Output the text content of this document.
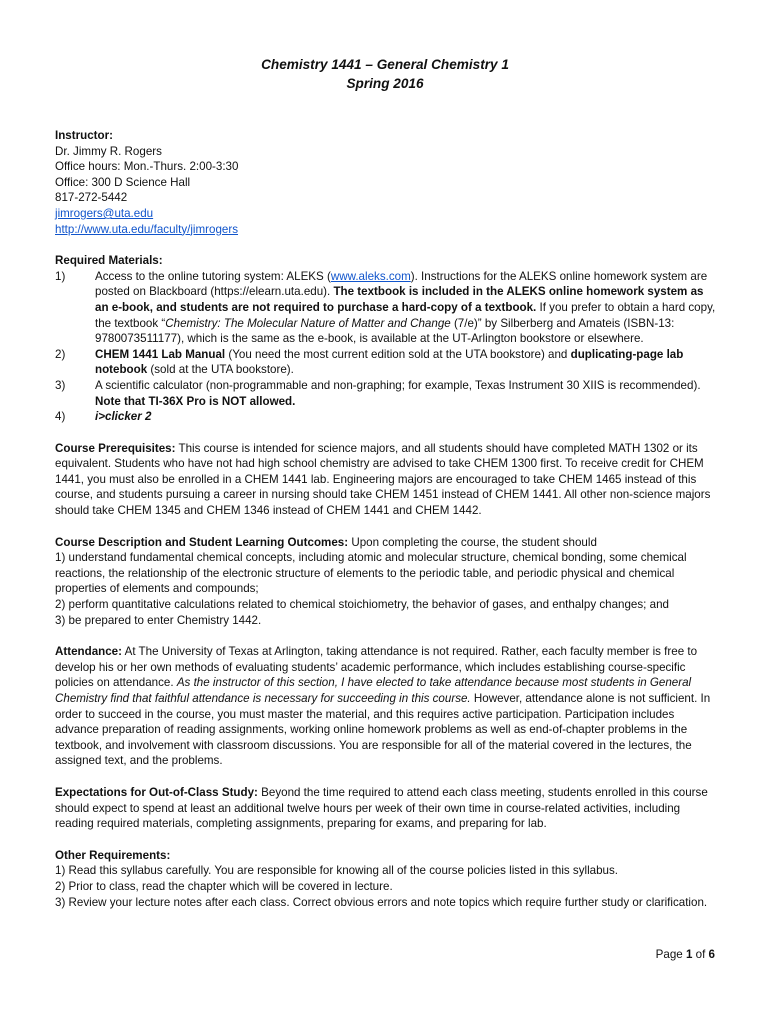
Chemistry 1441 – General Chemistry 1
Spring 2016
Instructor:
Dr. Jimmy R. Rogers
Office hours: Mon.-Thurs. 2:00-3:30
Office: 300 D Science Hall
817-272-5442
jimrogers@uta.edu
http://www.uta.edu/faculty/jimrogers
Required Materials:
1)	Access to the online tutoring system: ALEKS (www.aleks.com). Instructions for the ALEKS online homework system are posted on Blackboard (https://elearn.uta.edu). The textbook is included in the ALEKS online homework system as an e-book, and students are not required to purchase a hard-copy of a textbook. If you prefer to obtain a hard copy, the textbook “Chemistry: The Molecular Nature of Matter and Change (7/e)” by Silberberg and Amateis (ISBN-13: 9780073511177), which is the same as the e-book, is available at the UT-Arlington bookstore or elsewhere.
2)	CHEM 1441 Lab Manual (You need the most current edition sold at the UTA bookstore) and duplicating-page lab notebook (sold at the UTA bookstore).
3)	A scientific calculator (non-programmable and non-graphing; for example, Texas Instrument 30 XIIS is recommended).
Note that TI-36X Pro is NOT allowed.
4)	i>clicker 2
Course Prerequisites: This course is intended for science majors, and all students should have completed MATH 1302 or its equivalent. Students who have not had high school chemistry are advised to take CHEM 1300 first. To receive credit for CHEM 1441, you must also be enrolled in a CHEM 1441 lab. Engineering majors are encouraged to take CHEM 1465 instead of this course, and students pursuing a career in nursing should take CHEM 1451 instead of CHEM 1441. All other non-science majors should take CHEM 1345 and CHEM 1346 instead of CHEM 1441 and CHEM 1442.
Course Description and Student Learning Outcomes: Upon completing the course, the student should
1) understand fundamental chemical concepts, including atomic and molecular structure, chemical bonding, some chemical reactions, the relationship of the electronic structure of elements to the periodic table, and periodic physical and chemical properties of elements and compounds;
2) perform quantitative calculations related to chemical stoichiometry, the behavior of gases, and enthalpy changes; and
3) be prepared to enter Chemistry 1442.
Attendance: At The University of Texas at Arlington, taking attendance is not required. Rather, each faculty member is free to develop his or her own methods of evaluating students’ academic performance, which includes establishing course-specific policies on attendance. As the instructor of this section, I have elected to take attendance because most students in General Chemistry find that faithful attendance is necessary for succeeding in this course. However, attendance alone is not sufficient. In order to succeed in the course, you must master the material, and this requires active participation. Participation includes advance preparation of reading assignments, working online homework problems as well as end-of-chapter problems in the textbook, and involvement with classroom discussions. You are responsible for all of the material covered in the lectures, the assigned text, and the problems.
Expectations for Out-of-Class Study: Beyond the time required to attend each class meeting, students enrolled in this course should expect to spend at least an additional twelve hours per week of their own time in course-related activities, including reading required materials, completing assignments, preparing for exams, and preparing for lab.
Other Requirements:
1) Read this syllabus carefully. You are responsible for knowing all of the course policies listed in this syllabus.
2) Prior to class, read the chapter which will be covered in lecture.
3) Review your lecture notes after each class. Correct obvious errors and note topics which require further study or clarification.
Page 1 of 6
